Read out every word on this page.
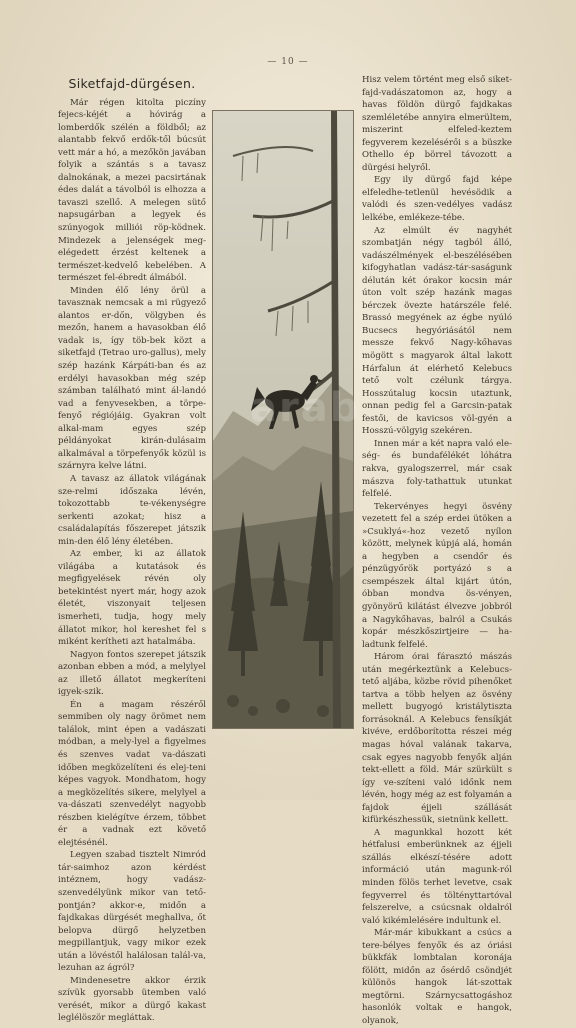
— 10 —
Siketfajd-dürgésen.

Már régen kitolta piczíny fejecs-kéjét a hóvirág a lomberdők szélén a földből; az alantabb fekvő erdők-től búcsút vett már a hó, a mezőkön javában folyik a szántás s a tavasz dalnokának, a mezei pacsirtának édes dalát a távolból is elhozza a tavaszi szellő. A melegen sütő napsugárban a legyek és szúnyogok milliói röp-ködnek. Mindezek a jelenségek meg-elégedett érzést keltenek a természet-kedvelő kebelében. A természet fel-ébredt álmából.

Minden élő lény örül a tavasznak nemcsak a mi rügyező alantos er-dőn, völgyben és mezőn, hanem a havasokban élő vadak is, így töb-bek közt a siketfajd (Tetrao uro-gallus), mely szép hazánk Kárpáti-ban és az erdélyi havasokban még szép számban található mint ál-landó vad a fenyvesekben, a törpe-fenyő régiójáig. Gyakran volt alkal-mam egyes szép példányokat kirán-dulásaim alkalmával a törpefenyők közül is szárnyra kelve látni.

A tavasz az állatok világának sze-relmi időszaka lévén, tokozottabb te-vékenységre serkenti azokat; hisz a családalapítás főszerepet játszik min-den élő lény életében.

Az ember, ki az állatok világába a kutatások és megfigyelések révén oly betekintést nyert már, hogy azok életét, viszonyait teljesen ismerheti, tudja, hogy mely állatot mikor, hol kereshet fel s miként kerítheti azt hatalmába.

Nagyon fontos szerepet játszik azonban ebben a mód, a melylyel az illető állatot megkeríteni igyek-szik.

Én a magam részéről semmiben oly nagy örömet nem találok, mint épen a vadászati módban, a mely-lyel a figyelmes és szenves vadat va-dászati időben megközelíteni és elej-teni képes vagyok. Mondhatom, hogy a megközelítés sikere, melylyel a va-dászati szenvedélyt nagyobb részben kielégítve érzem, többet ér a vadnak ezt követő elejtésénél.

Legyen szabad tisztelt Nimród tár-saimhoz azon kérdést intéznem, hogy vadász-szenvedélyünk mikor van tető-pontján? akkor-e, midőn a fajdkakas dürgését meghallva, őt belopva dürgő helyzetben megpillantjuk, vagy mikor ezek után a lövéstől halálosan talál-va, lezuhan az ágról?

Mindenesetre akkor érzik szívük gyorsabb ütemben való verését, mikor a dürgő kakast leglélöször megláttak.

Hisz velem történt meg első siket-fajd-vadászatomon az, hogy a havas földön dürgő fajdkakas szemléletébe annyira elmerültem, miszerint elfeled-keztem fegyverem kezelésérői s a büszke Othello ép börrel távozott a dürgési helyről.

Egy ily dürgő fajd képe elfeledhe-tetlenül hevésödik a valódi és szen-vedélyes vadász lelkébe, emlékeze-tébe.

Az elmúlt év nagyhét szombatján négy tagból álló, vadászélmények el-beszélésében kifogyhatlan vadász-tár-saságunk délután két órakor kocsin már úton volt szép hazánk magas bérczek övezte határszéle felé. Brassó megyének az égbe nyúló Bucsecs hegyóriásától nem messze fekvő Nagy-kőhavas mögött s magyarok által lakott Hárfalun át elérhető Kelebucs tető volt czélunk tárgya. Hosszútalug kocsin utaztunk, onnan pedig fel a Garcsin-patak festői, de kavicsos völ-gyén a Hosszú-völgyig szekéren.

Innen már a két napra való ele-ség- és bundafélékét lóhátra rakva, gyalogszerrel, már csak mászva foly-tathattuk utunkat felfelé.

Tekervényes hegyi ösvény vezetett fel a szép erdei ütöken a »Csuklyá«-hoz vezető nyílon között, melynek kúpjá alá, homán a hegyben a csendőr és pénzügyőrök portyázó s a csempészek által kijárt útón, óbban mondva ös-vényen, gyönyörű kilátást élvezve jobbról a Nagykőhavas, balról a Csukás kopár mészkőszirtjeire — ha-ladtunk felfelé.

Három órai fárasztó mászás után megérkeztünk a Kelebucs-tető aljába, közbe rövid pihenőket tartva a több helyen az ösvény mellett bugyogó kristálytiszta forrásoknál. A Kelebucs fensíkját kivéve, erdőborította részei még magas hóval valának takarva, csak egyes nagyobb fenyők alján tekt-ellett a föld. Már szürkült s így ve-szíteni való időnk nem lévén, hogy még az est folyamán a fajdok éjjeli szállását kifürkészhessük, sietnünk kellett.

A magunkkal hozott két hétfalusi emberünknek az éjjeli szállás elkészí-tésére adott információ után magunk-ról minden fölös terhet levetve, csak fegyverrel és töltényttartóval felszerelve, a csúcsnak oldalról való kikémlelésére indultunk el.

Már-már kibukkant a csúcs a tere-bélyes fenyők és az óriási bükkfák lombtalan koronája fölött, midőn az ősérdő csöndjét különös hangok lát-szottak megtörni. Szárnycsattogáshoz hasonlók voltak e hangok, olyanok,
